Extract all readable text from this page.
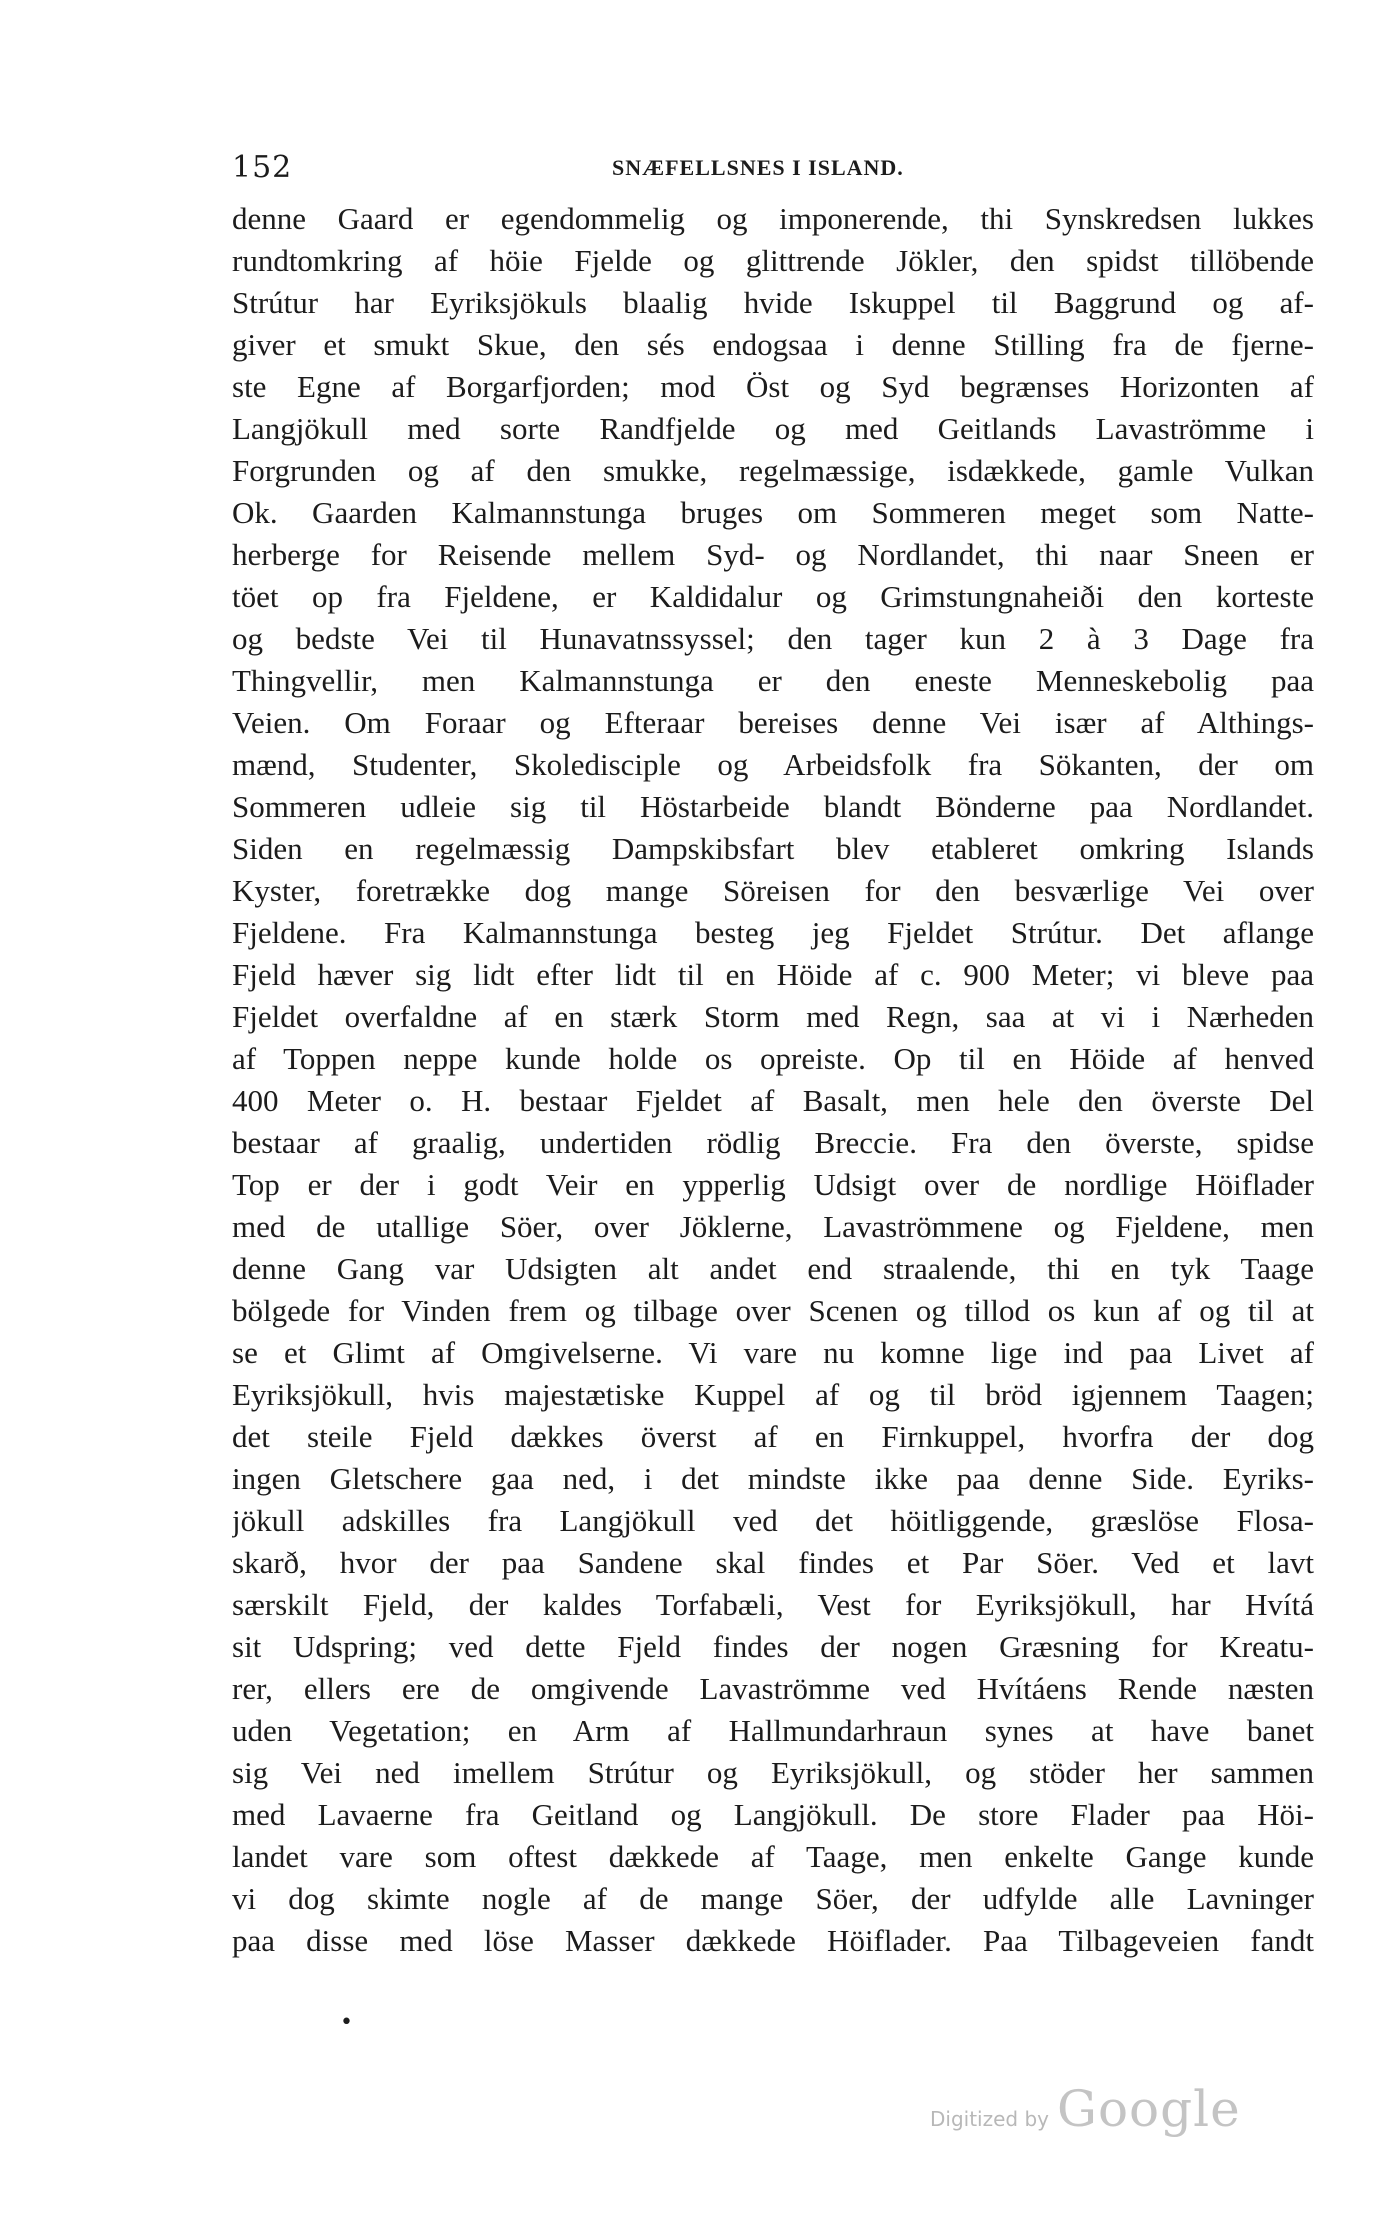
152	SNÆFELLSNES I ISLAND.
denne Gaard er egendommelig og imponerende, thi Synskredsen lukkes
rundtomkring af höie Fjelde og glittrende Jökler, den spidst tillöbende
Strútur har Eyriksjökuls blaalig hvide Iskuppel til Baggrund og af-
giver et smukt Skue, den sés endogsaa i denne Stilling fra de fjerne-
ste Egne af Borgarfjorden; mod Öst og Syd begrænses Horizonten af
Langjökull med sorte Randfjelde og med Geitlands Lavaströmme i
Forgrunden og af den smukke, regelmæssige, isdækkede, gamle Vulkan
Ok. Gaarden Kalmannstunga bruges om Sommeren meget som Natte-
herberge for Reisende mellem Syd- og Nordlandet, thi naar Sneen er
töet op fra Fjeldene, er Kaldidalur og Grimstungnaheiði den korteste
og bedste Vei til Hunavatnssyssel; den tager kun 2 à 3 Dage fra
Thingvellir, men Kalmannstunga er den eneste Menneskebolig paa
Veien. Om Foraar og Efteraar bereises denne Vei især af Althings-
mænd, Studenter, Skoledisciple og Arbeidsfolk fra Sökanten, der om
Sommeren udleie sig til Höstarbeide blandt Bönderne paa Nordlandet.
Siden en regelmæssig Dampskibsfart blev etableret omkring Islands
Kyster, foretrække dog mange Söreisen for den besværlige Vei over
Fjeldene. Fra Kalmannstunga besteg jeg Fjeldet Strútur. Det aflange
Fjeld hæver sig lidt efter lidt til en Höide af c. 900 Meter; vi bleve paa
Fjeldet overfaldne af en stærk Storm med Regn, saa at vi i Nærheden
af Toppen neppe kunde holde os opreiste. Op til en Höide af henved
400 Meter o. H. bestaar Fjeldet af Basalt, men hele den överste Del
bestaar af graalig, undertiden rödlig Breccie. Fra den överste, spidse
Top er der i godt Veir en ypperlig Udsigt over de nordlige Höiflader
med de utallige Söer, over Jöklerne, Lavaströmmene og Fjeldene, men
denne Gang var Udsigten alt andet end straalende, thi en tyk Taage
bölgede for Vinden frem og tilbage over Scenen og tillod os kun af og til at
se et Glimt af Omgivelserne. Vi vare nu komne lige ind paa Livet af
Eyriksjökull, hvis majestætiske Kuppel af og til bröd igjennem Taagen;
det steile Fjeld dækkes överst af en Firnkuppel, hvorfra der dog
ingen Gletschere gaa ned, i det mindste ikke paa denne Side. Eyriks-
jökull adskilles fra Langjökull ved det höitliggende, græslöse Flosa-
skarð, hvor der paa Sandene skal findes et Par Söer. Ved et lavt
særskilt Fjeld, der kaldes Torfabæli, Vest for Eyriksjökull, har Hvítá
sit Udspring; ved dette Fjeld findes der nogen Græsning for Kreatu-
rer, ellers ere de omgivende Lavaströmme ved Hvítáens Rende næsten
uden Vegetation; en Arm af Hallmundarhraun synes at have banet
sig Vei ned imellem Strútur og Eyriksjökull, og stöder her sammen
med Lavaerne fra Geitland og Langjökull. De store Flader paa Höi-
landet vare som oftest dækkede af Taage, men enkelte Gange kunde
vi dog skimte nogle af de mange Söer, der udfylde alle Lavninger
paa disse med löse Masser dækkede Höiflader. Paa Tilbageveien fandt
•
Digitized by Google
